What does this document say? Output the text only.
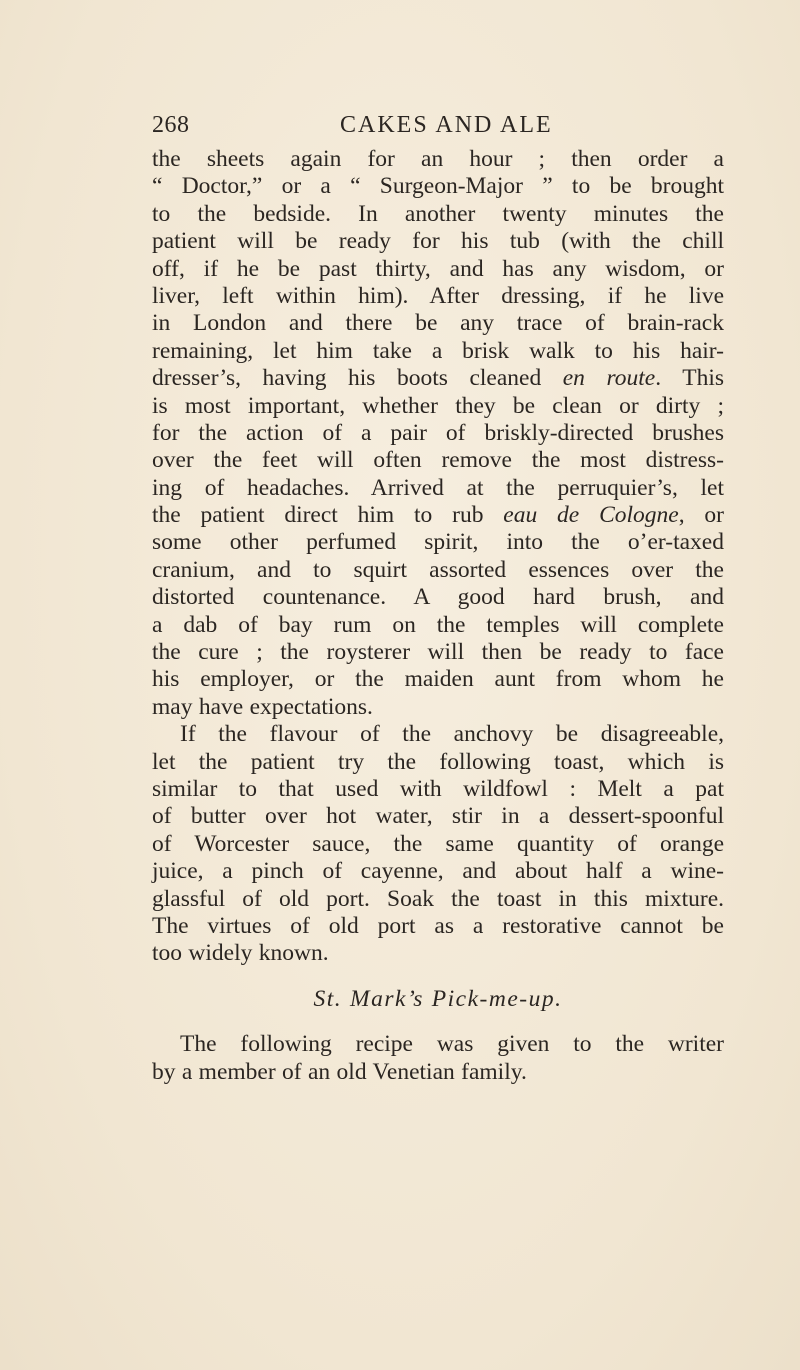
268	CAKES AND ALE
the sheets again for an hour ; then order a
“ Doctor,” or a “ Surgeon-Major ” to be brought
to the bedside. In another twenty minutes the
patient will be ready for his tub (with the chill
off, if he be past thirty, and has any wisdom, or
liver, left within him). After dressing, if he live
in London and there be any trace of brain-rack
remaining, let him take a brisk walk to his hair-
dresser’s, having his boots cleaned en route. This
is most important, whether they be clean or dirty ;
for the action of a pair of briskly-directed brushes
over the feet will often remove the most distress-
ing of headaches. Arrived at the perruquier’s, let
the patient direct him to rub eau de Cologne, or
some other perfumed spirit, into the o’er-taxed
cranium, and to squirt assorted essences over the
distorted countenance. A good hard brush, and
a dab of bay rum on the temples will complete
the cure ; the roysterer will then be ready to face
his employer, or the maiden aunt from whom he
may have expectations.
If the flavour of the anchovy be disagreeable,
let the patient try the following toast, which is
similar to that used with wildfowl : Melt a pat
of butter over hot water, stir in a dessert-spoonful
of Worcester sauce, the same quantity of orange
juice, a pinch of cayenne, and about half a wine-
glassful of old port. Soak the toast in this mixture.
The virtues of old port as a restorative cannot be
too widely known.
St. Mark’s Pick-me-up.
The following recipe was given to the writer
by a member of an old Venetian family.
